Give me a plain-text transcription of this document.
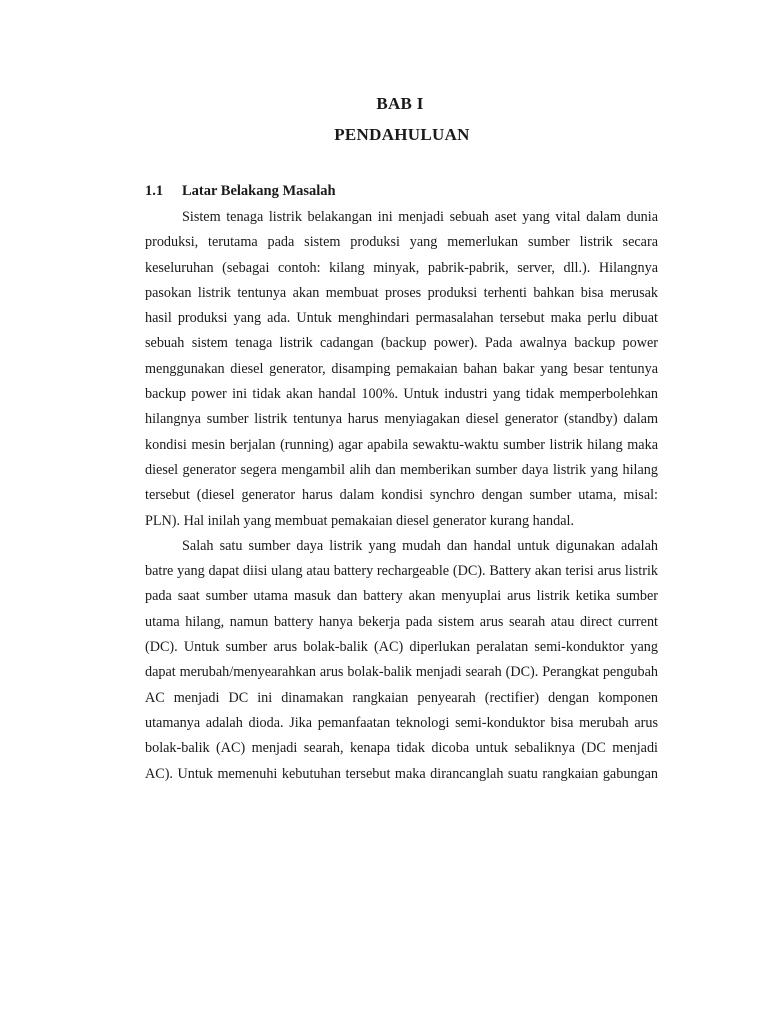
BAB I
PENDAHULUAN
1.1 Latar Belakang Masalah

Sistem tenaga listrik belakangan ini menjadi sebuah aset yang vital dalam dunia produksi, terutama pada sistem produksi yang memerlukan sumber listrik secara keseluruhan (sebagai contoh: kilang minyak, pabrik-pabrik, server, dll.). Hilangnya pasokan listrik tentunya akan membuat proses produksi terhenti bahkan bisa merusak hasil produksi yang ada. Untuk menghindari permasalahan tersebut maka perlu dibuat sebuah sistem tenaga listrik cadangan (backup power). Pada awalnya backup power menggunakan diesel generator, disamping pemakaian bahan bakar yang besar tentunya backup power ini tidak akan handal 100%. Untuk industri yang tidak memperbolehkan hilangnya sumber listrik tentunya harus menyiagakan diesel generator (standby) dalam kondisi mesin berjalan (running) agar apabila sewaktu-waktu sumber listrik hilang maka diesel generator segera mengambil alih dan memberikan sumber daya listrik yang hilang tersebut (diesel generator harus dalam kondisi synchro dengan sumber utama, misal: PLN). Hal inilah yang membuat pemakaian diesel generator kurang handal.

Salah satu sumber daya listrik yang mudah dan handal untuk digunakan adalah batre yang dapat diisi ulang atau battery rechargeable (DC). Battery akan terisi arus listrik pada saat sumber utama masuk dan battery akan menyuplai arus listrik ketika sumber utama hilang, namun battery hanya bekerja pada sistem arus searah atau direct current (DC). Untuk sumber arus bolak-balik (AC) diperlukan peralatan semi-konduktor yang dapat merubah/menyearahkan arus bolak-balik menjadi searah (DC). Perangkat pengubah AC menjadi DC ini dinamakan rangkaian penyearah (rectifier) dengan komponen utamanya adalah dioda. Jika pemanfaatan teknologi semi-konduktor bisa merubah arus bolak-balik (AC) menjadi searah, kenapa tidak dicoba untuk sebaliknya (DC menjadi AC). Untuk memenuhi kebutuhan tersebut maka dirancanglah suatu rangkaian gabungan
